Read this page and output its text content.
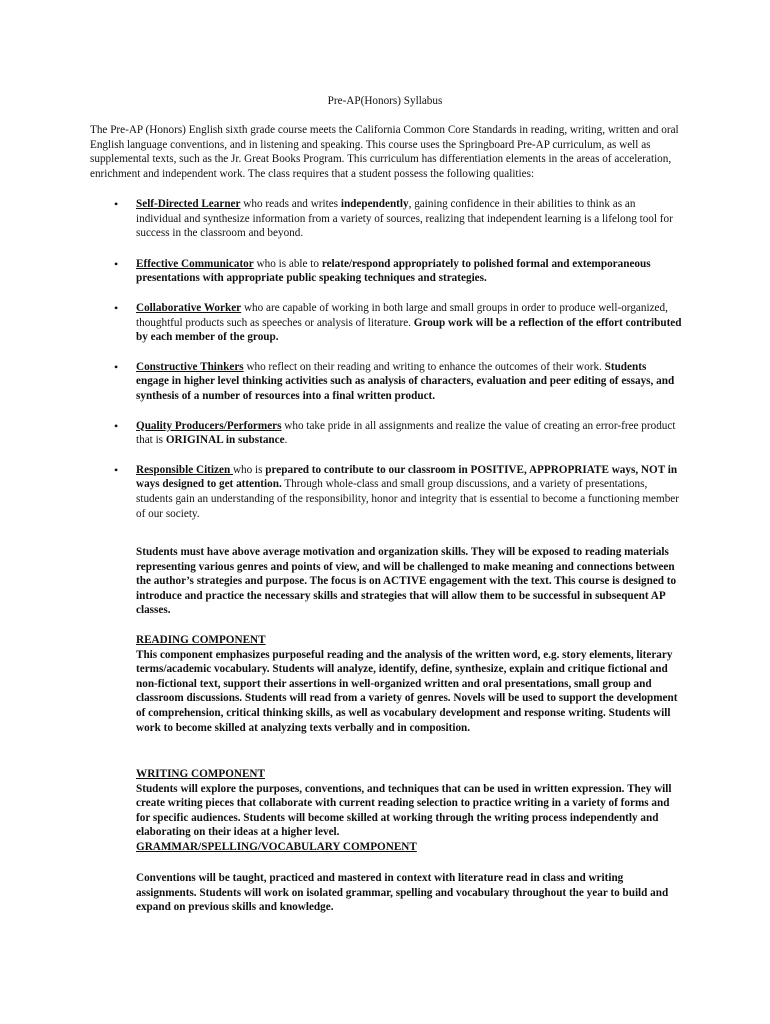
Pre-AP(Honors) Syllabus

The Pre-AP (Honors) English sixth grade course meets the California Common Core Standards in reading, writing, written and oral English language conventions, and in listening and speaking. This course uses the Springboard Pre-AP curriculum, as well as supplemental texts, such as the Jr. Great Books Program. This curriculum has differentiation elements in the areas of acceleration, enrichment and independent work. The class requires that a student possess the following qualities:

• Self-Directed Learner who reads and writes independently, gaining confidence in their abilities to think as an individual and synthesize information from a variety of sources, realizing that independent learning is a lifelong tool for success in the classroom and beyond.
• Effective Communicator who is able to relate/respond appropriately to polished formal and extemporaneous presentations with appropriate public speaking techniques and strategies.
• Collaborative Worker who are capable of working in both large and small groups in order to produce well-organized, thoughtful products such as speeches or analysis of literature. Group work will be a reflection of the effort contributed by each member of the group.
• Constructive Thinkers who reflect on their reading and writing to enhance the outcomes of their work. Students engage in higher level thinking activities such as analysis of characters, evaluation and peer editing of essays, and synthesis of a number of resources into a final written product.
• Quality Producers/Performers who take pride in all assignments and realize the value of creating an error-free product that is ORIGINAL in substance.
• Responsible Citizen who is prepared to contribute to our classroom in POSITIVE, APPROPRIATE ways, NOT in ways designed to get attention. Through whole-class and small group discussions, and a variety of presentations, students gain an understanding of the responsibility, honor and integrity that is essential to become a functioning member of our society.

Students must have above average motivation and organization skills. They will be exposed to reading materials representing various genres and points of view, and will be challenged to make meaning and connections between the author’s strategies and purpose. The focus is on ACTIVE engagement with the text. This course is designed to introduce and practice the necessary skills and strategies that will allow them to be successful in subsequent AP classes.

READING COMPONENT
This component emphasizes purposeful reading and the analysis of the written word, e.g. story elements, literary terms/academic vocabulary. Students will analyze, identify, define, synthesize, explain and critique fictional and non-fictional text, support their assertions in well-organized written and oral presentations, small group and classroom discussions. Students will read from a variety of genres. Novels will be used to support the development of comprehension, critical thinking skills, as well as vocabulary development and response writing. Students will work to become skilled at analyzing texts verbally and in composition.
WRITING COMPONENT
Students will explore the purposes, conventions, and techniques that can be used in written expression. They will create writing pieces that collaborate with current reading selection to practice writing in a variety of forms and for specific audiences. Students will become skilled at working through the writing process independently and elaborating on their ideas at a higher level.
GRAMMAR/SPELLING/VOCABULARY COMPONENT
Conventions will be taught, practiced and mastered in context with literature read in class and writing assignments. Students will work on isolated grammar, spelling and vocabulary throughout the year to build and expand on previous skills and knowledge.
